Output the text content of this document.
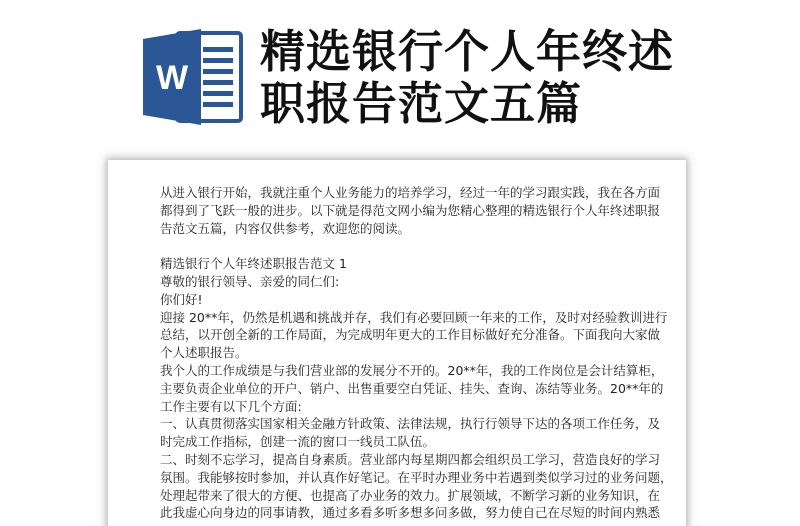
W 精选银行个人年终述
职报告范文五篇

从进入银行开始，我就注重个人业务能力的培养学习，经过一年的学习跟实践，我在各方面

都得到了飞跃一般的进步。以下就是得范文网小编为您精心整理的精选银行个人年终述职报

告范文五篇，内容仅供参考，欢迎您的阅读。

精选银行个人年终述职报告范文 1

尊敬的银行领导、亲爱的同仁们:

你们好!

迎接 20**年，仍然是机遇和挑战并存，我们有必要回顾一年来的工作，及时对经验教训进行

总结，以开创全新的工作局面，为完成明年更大的工作目标做好充分准备。下面我向大家做

个人述职报告。

我个人的工作成绩是与我们营业部的发展分不开的。20**年，我的工作岗位是会计结算柜，

主要负责企业单位的开户、销户、出售重要空白凭证、挂失、查询、冻结等业务。20**年的

工作主要有以下几个方面:

一、认真贯彻落实国家相关金融方针政策、法律法规，执行行领导下达的各项工作任务，及

时完成工作指标，创建一流的窗口一线员工队伍。

二、时刻不忘学习，提高自身素质。营业部内每星期四都会组织员工学习，营造良好的学习

氛围。我能够按时参加，并认真作好笔记。在平时办理业务中若遇到类似学习过的业务问题，

处理起带来了很大的方便、也提高了办业务的效力。扩展领域，不断学习新的业务知识，在

此我虚心向身边的同事请教，通过多看多听多想多问多做，努力使自己在尽短的时间内熟悉
